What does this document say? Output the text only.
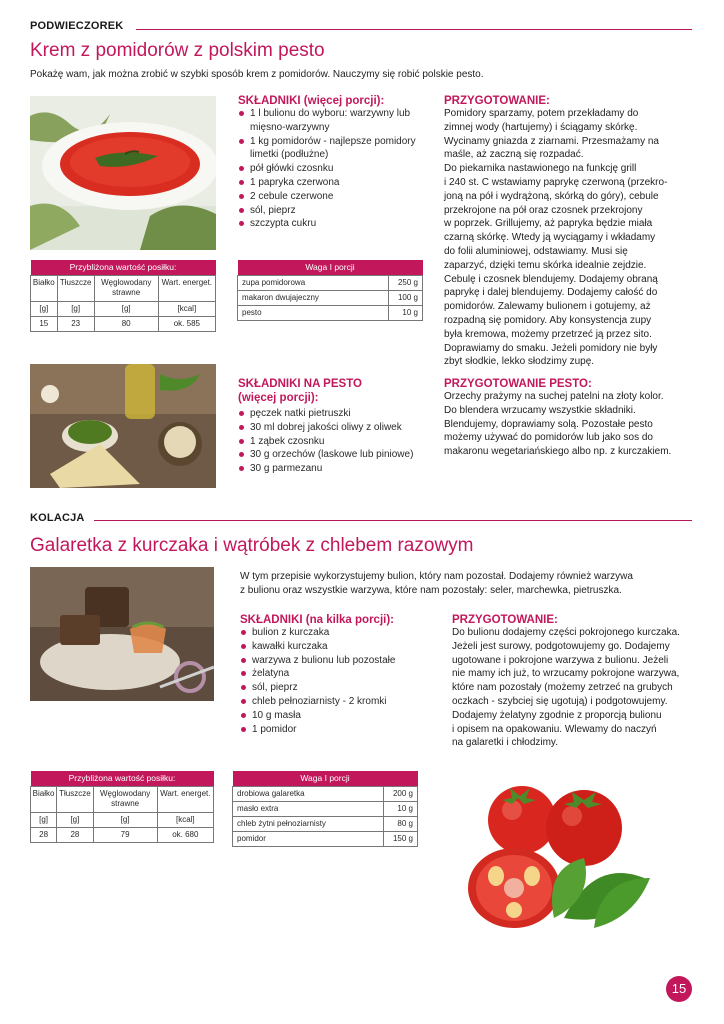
PODWIECZOREK
Krem z pomidorów z polskim pesto
Pokażę wam, jak można zrobić w szybki sposób krem z pomidorów. Nauczymy się robić polskie pesto.
SKŁADNIKI (więcej porcji):
1 l bulionu do wyboru: warzywny lub mięsno-warzywny
1 kg pomidorów - najlepsze pomidory limetki (podłużne)
pół główki czosnku
1 papryka czerwona
2 cebule czerwone
sól, pieprz
szczypta cukru
PRZYGOTOWANIE:
Pomidory sparzamy, potem przekładamy do
zimnej wody (hartujemy) i ściągamy skórkę.
Wycinamy gniazda z ziarnami. Przesmażamy na
maśle, aż zaczną się rozpadać.
Do piekarnika nastawionego na funkcję grill
i 240 st. C wstawiamy paprykę czerwoną (przekro-
joną na pół i wydrążoną, skórką do góry), cebule
przekrojone na pół oraz czosnek przekrojony
w poprzek. Grillujemy, aż papryka będzie miała
czarną skórkę. Wtedy ją wyciągamy i wkładamy
do folii aluminiowej, odstawiamy. Musi się
zaparzyć, dzięki temu skórka idealnie zejdzie.
Cebulę i czosnek blendujemy. Dodajemy obraną
paprykę i dalej blendujemy. Dodajemy całość do
pomidorów. Zalewamy bulionem i gotujemy, aż
rozpadną się pomidory. Aby konsystencja zupy
była kremowa, możemy przetrzeć ją przez sito.
Doprawiamy do smaku. Jeżeli pomidory nie były
zbyt słodkie, lekko słodzimy zupę.
Przybliżona wartość posiłku:			
Białko	Tłuszcze	Węglowodany strawne	Wart. energet.
[g]	[g]	[g]	[kcal]
15	23	80	ok. 585
Waga I porcji	
zupa pomidorowa	250 g
makaron dwujajeczny	100 g
pesto	10 g
SKŁADNIKI NA PESTO
(więcej porcji):
pęczek natki pietruszki
30 ml dobrej jakości oliwy z oliwek
1 ząbek czosnku
30 g orzechów (laskowe lub piniowe)
30 g parmezanu
PRZYGOTOWANIE PESTO:
Orzechy prażymy na suchej patelni na złoty kolor.
Do blendera wrzucamy wszystkie składniki.
Blendujemy, doprawiamy solą. Pozostałe pesto
możemy używać do pomidorów lub jako sos do
makaronu wegetariańskiego albo np. z kurczakiem.
KOLACJA
Galaretka z kurczaka i wątróbek z chlebem razowym
W tym przepisie wykorzystujemy bulion, który nam pozostał. Dodajemy również warzywa
z bulionu oraz wszystkie warzywa, które nam pozostały: seler, marchewka, pietruszka.
SKŁADNIKI (na kilka porcji):
bulion z kurczaka
kawałki kurczaka
warzywa z bulionu lub pozostałe
żelatyna
sól, pieprz
chleb pełnoziarnisty - 2 kromki
10 g masła
1 pomidor
PRZYGOTOWANIE:
Do bulionu dodajemy części pokrojonego kurczaka.
Jeżeli jest surowy, podgotowujemy go. Dodajemy
ugotowane i pokrojone warzywa z bulionu. Jeżeli
nie mamy ich już, to wrzucamy pokrojone warzywa,
które nam pozostały (możemy zetrzeć na grubych
oczkach - szybciej się ugotują) i podgotowujemy.
Dodajemy żelatyny zgodnie z proporcją bulionu
i opisem na opakowaniu. Wlewamy do naczyń
na galaretki i chłodzimy.
Przybliżona wartość posiłku:			
Białko	Tłuszcze	Węglowodany strawne	Wart. energet.
[g]	[g]	[g]	[kcal]
28	28	79	ok. 680
Waga I porcji	
drobiowa galaretka	200 g
masło extra	10 g
chleb żytni pełnoziarnisty	80 g
pomidor	150 g
15
